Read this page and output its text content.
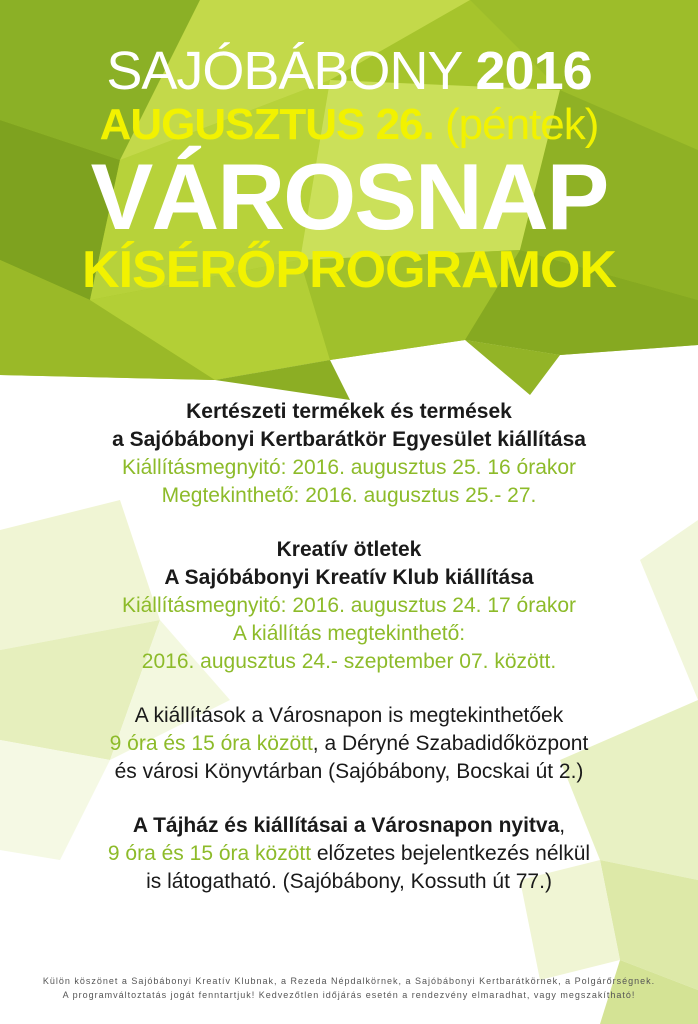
SAJÓBÁBONY 2016
AUGUSZTUS 26. (péntek)
VÁROSNAP
KÍSÉRŐPROGRAMOK
Kertészeti termékek és termések
a Sajóbábonyi Kertbarátkör Egyesület kiállítása
Kiállításmegnyitó: 2016. augusztus 25. 16 órakor
Megtekinthető: 2016. augusztus 25.- 27.
Kreatív ötletek
A Sajóbábonyi Kreatív Klub kiállítása
Kiállításmegnyitó: 2016. augusztus 24. 17 órakor
A kiállítás megtekinthető:
2016. augusztus 24.- szeptember 07. között.
A kiállítások a Városnapon is megtekinthetőek
9 óra és 15 óra között, a Déryné Szabadidőközpont
és városi Könyvtárban (Sajóbábony, Bocskai út 2.)
A Tájház és kiállításai a Városnapon nyitva,
9 óra és 15 óra között előzetes bejelentkezés nélkül
is látogatható. (Sajóbábony, Kossuth út 77.)
Külön köszönet a Sajóbábonyi Kreatív Klubnak, a Rezeda Népdalkörnek, a Sajóbábonyi Kertbarátkörnek, a Polgárőrségnek.
A programváltoztatás jogát fenntartjuk! Kedvezőtlen időjárás esetén a rendezvény elmaradhat, vagy megszakítható!
